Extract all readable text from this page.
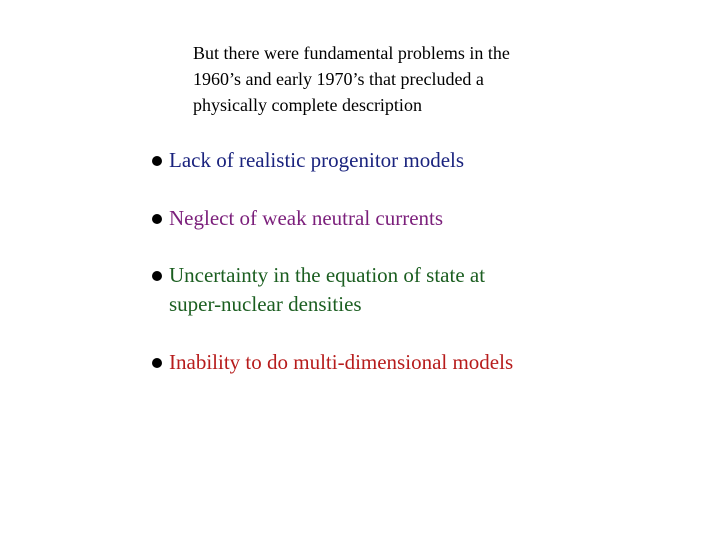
But there were fundamental problems in the
1960’s and early 1970’s that precluded a
physically complete description
Lack of realistic progenitor models
Neglect of weak neutral currents
Uncertainty in the equation of state at
super-nuclear densities
Inability to do multi-dimensional models
